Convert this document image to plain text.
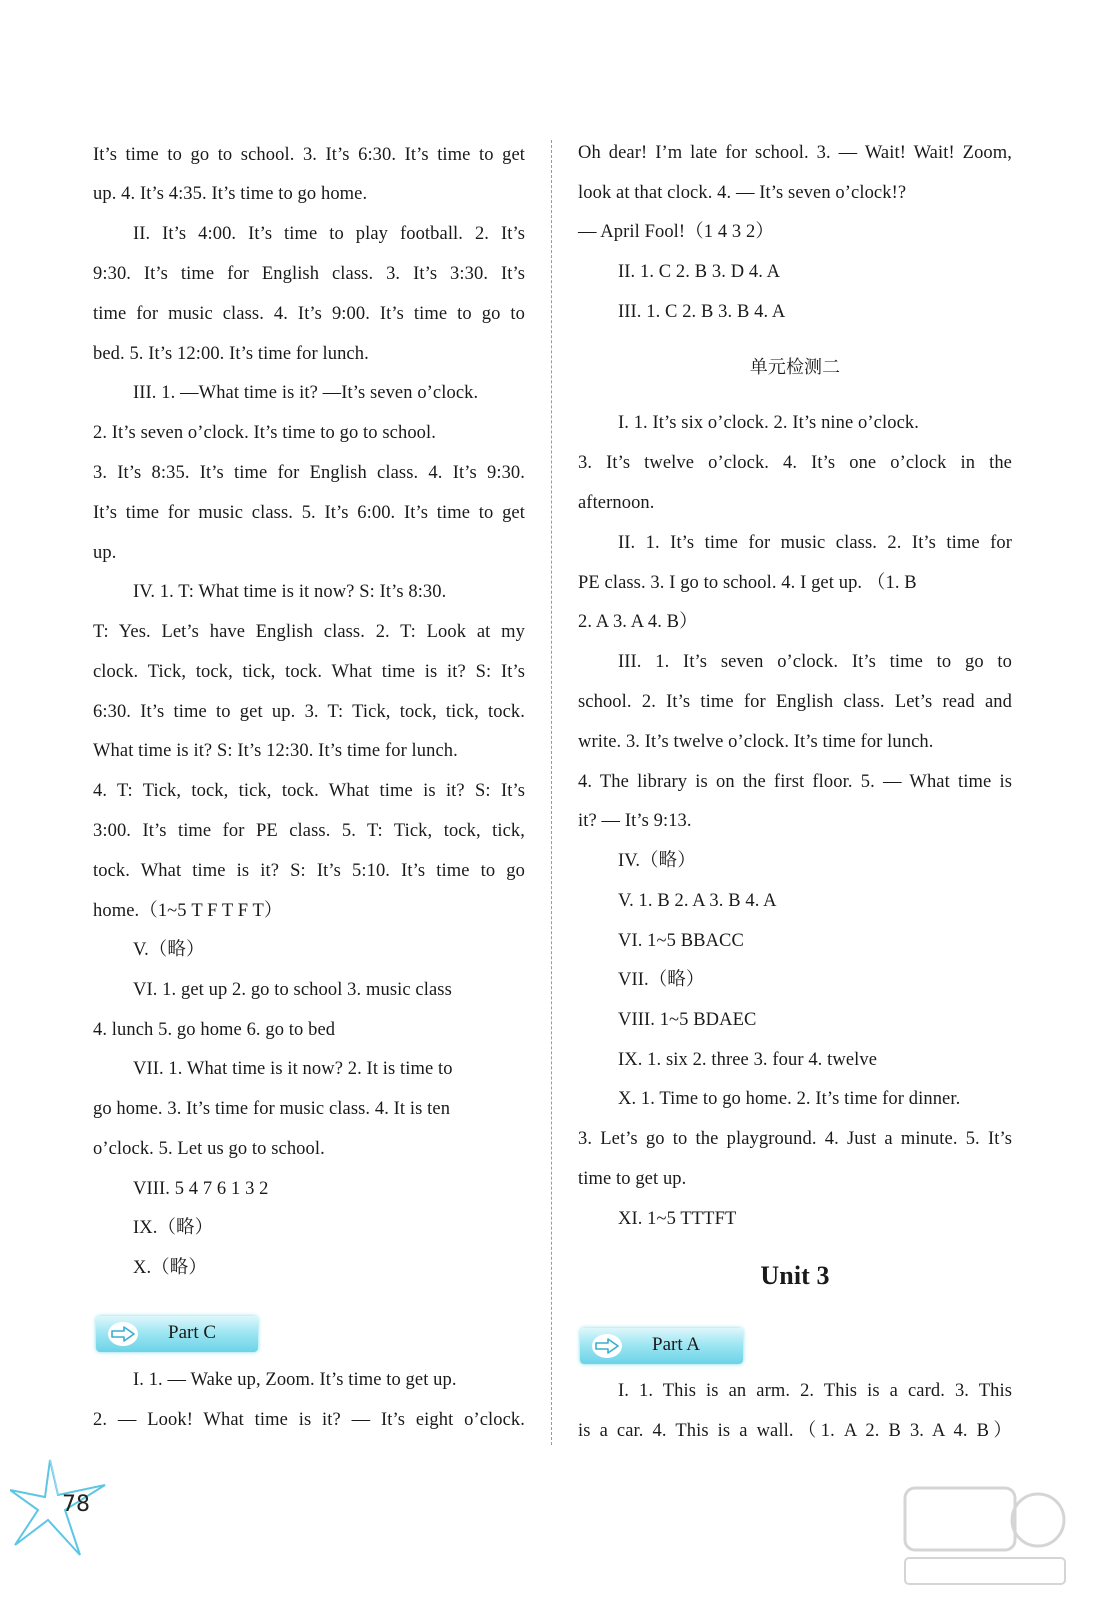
It’s time to go to school. 3. It’s 6:30. It’s time to get
up. 4. It’s 4:35. It’s time to go home.
II. It’s 4:00. It’s time to play football. 2. It’s
9:30. It’s time for English class. 3. It’s 3:30. It’s
time for music class. 4. It’s 9:00. It’s time to go to
bed. 5. It’s 12:00. It’s time for lunch.
III. 1. —What time is it? —It’s seven o’clock.
2. It’s seven o’clock. It’s time to go to school.
3. It’s 8:35. It’s time for English class. 4. It’s 9:30.
It’s time for music class. 5. It’s 6:00. It’s time to get
up.
IV. 1. T: What time is it now? S: It’s 8:30.
T: Yes. Let’s have English class. 2. T: Look at my
clock. Tick, tock, tick, tock. What time is it? S: It’s
6:30. It’s time to get up. 3. T: Tick, tock, tick, tock.
What time is it? S: It’s 12:30. It’s time for lunch.
4. T: Tick, tock, tick, tock. What time is it? S: It’s
3:00. It’s time for PE class. 5. T: Tick, tock, tick,
tock. What time is it? S: It’s 5:10. It’s time to go
home.（1~5 T F T F T）
V.（略）
VI. 1. get up 2. go to school 3. music class
4. lunch 5. go home 6. go to bed
VII. 1. What time is it now? 2. It is time to
go home. 3. It’s time for music class. 4. It is ten
o’clock. 5. Let us go to school.
VIII. 5 4 7 6 1 3 2
IX.（略）
X.（略）
I. 1. — Wake up, Zoom. It’s time to get up.
2. — Look! What time is it? — It’s eight o’clock.
单元检测二
Unit 3
Oh dear! I’m late for school. 3. — Wait! Wait! Zoom,
look at that clock. 4. — It’s seven o’clock!?
— April Fool!（1 4 3 2）
II. 1. C 2. B 3. D 4. A
III. 1. C 2. B 3. B 4. A
I. 1. It’s six o’clock. 2. It’s nine o’clock.
3. It’s twelve o’clock. 4. It’s one o’clock in the
afternoon.
II. 1. It’s time for music class. 2. It’s time for
PE class. 3. I go to school. 4. I get up. （1. B
2. A 3. A 4. B）
III. 1. It’s seven o’clock. It’s time to go to
school. 2. It’s time for English class. Let’s read and
write. 3. It’s twelve o’clock. It’s time for lunch.
4. The library is on the first floor. 5. — What time is
it? — It’s 9:13.
IV.（略）
V. 1. B 2. A 3. B 4. A
VI. 1~5 BBACC
VII.（略）
VIII. 1~5 BDAEC
IX. 1. six 2. three 3. four 4. twelve
X. 1. Time to go home. 2. It’s time for dinner.
3. Let’s go to the playground. 4. Just a minute. 5. It’s
time to get up.
XI. 1~5 TTTFT
I. 1. This is an arm. 2. This is a card. 3. This
is a car. 4. This is a wall.（1. A 2. B 3. A 4. B）
Part C
Part A
78
